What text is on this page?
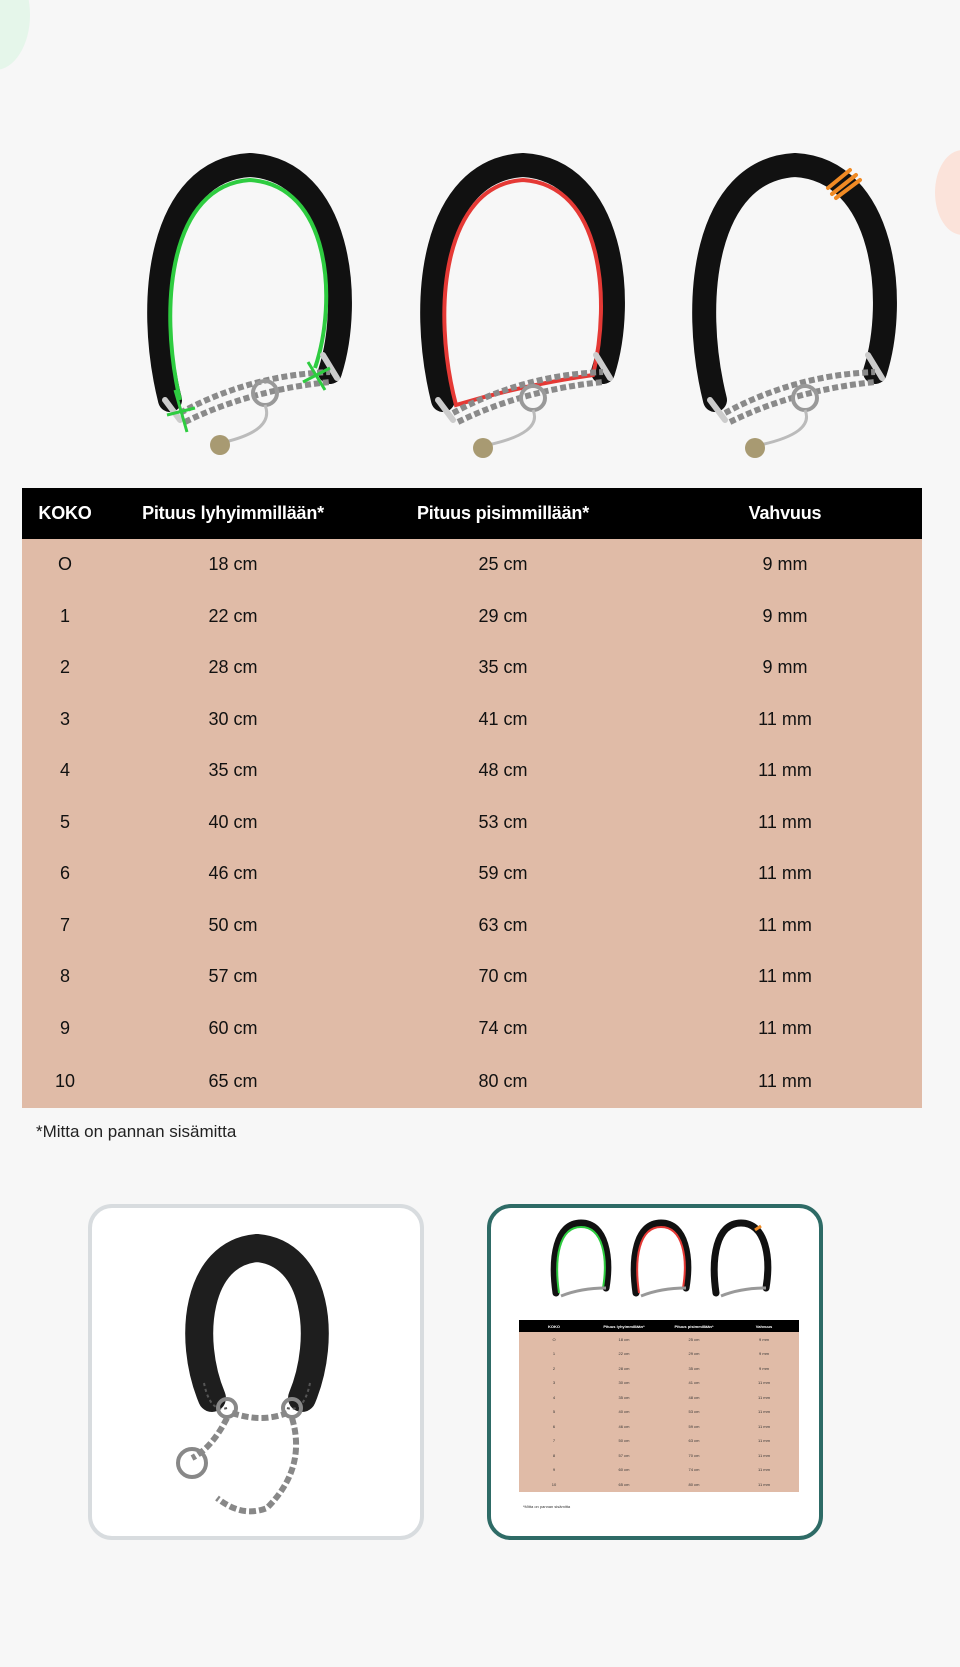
KOKO	Pituus lyhyimmillään*	Pituus pisimmillään*	Vahvuus
O	18 cm	25 cm	9 mm
1	22 cm	29 cm	9 mm
2	28 cm	35 cm	9 mm
3	30 cm	41 cm	11 mm
4	35 cm	48 cm	11 mm
5	40 cm	53 cm	11 mm
6	46 cm	59 cm	11 mm
7	50 cm	63 cm	11 mm
8	57 cm	70 cm	11 mm
9	60 cm	74 cm	11 mm
10	65 cm	80 cm	11 mm
*Mitta on pannan sisämitta
KOKO	Pituus lyhyimmillään*	Pituus pisimmillään*	Vahvuus
O	18 cm	25 cm	9 mm
1	22 cm	29 cm	9 mm
2	28 cm	35 cm	9 mm
3	30 cm	41 cm	11 mm
4	35 cm	48 cm	11 mm
5	40 cm	53 cm	11 mm
6	46 cm	59 cm	11 mm
7	50 cm	63 cm	11 mm
8	57 cm	70 cm	11 mm
9	60 cm	74 cm	11 mm
10	65 cm	80 cm	11 mm
*Mitta on pannan sisämitta
